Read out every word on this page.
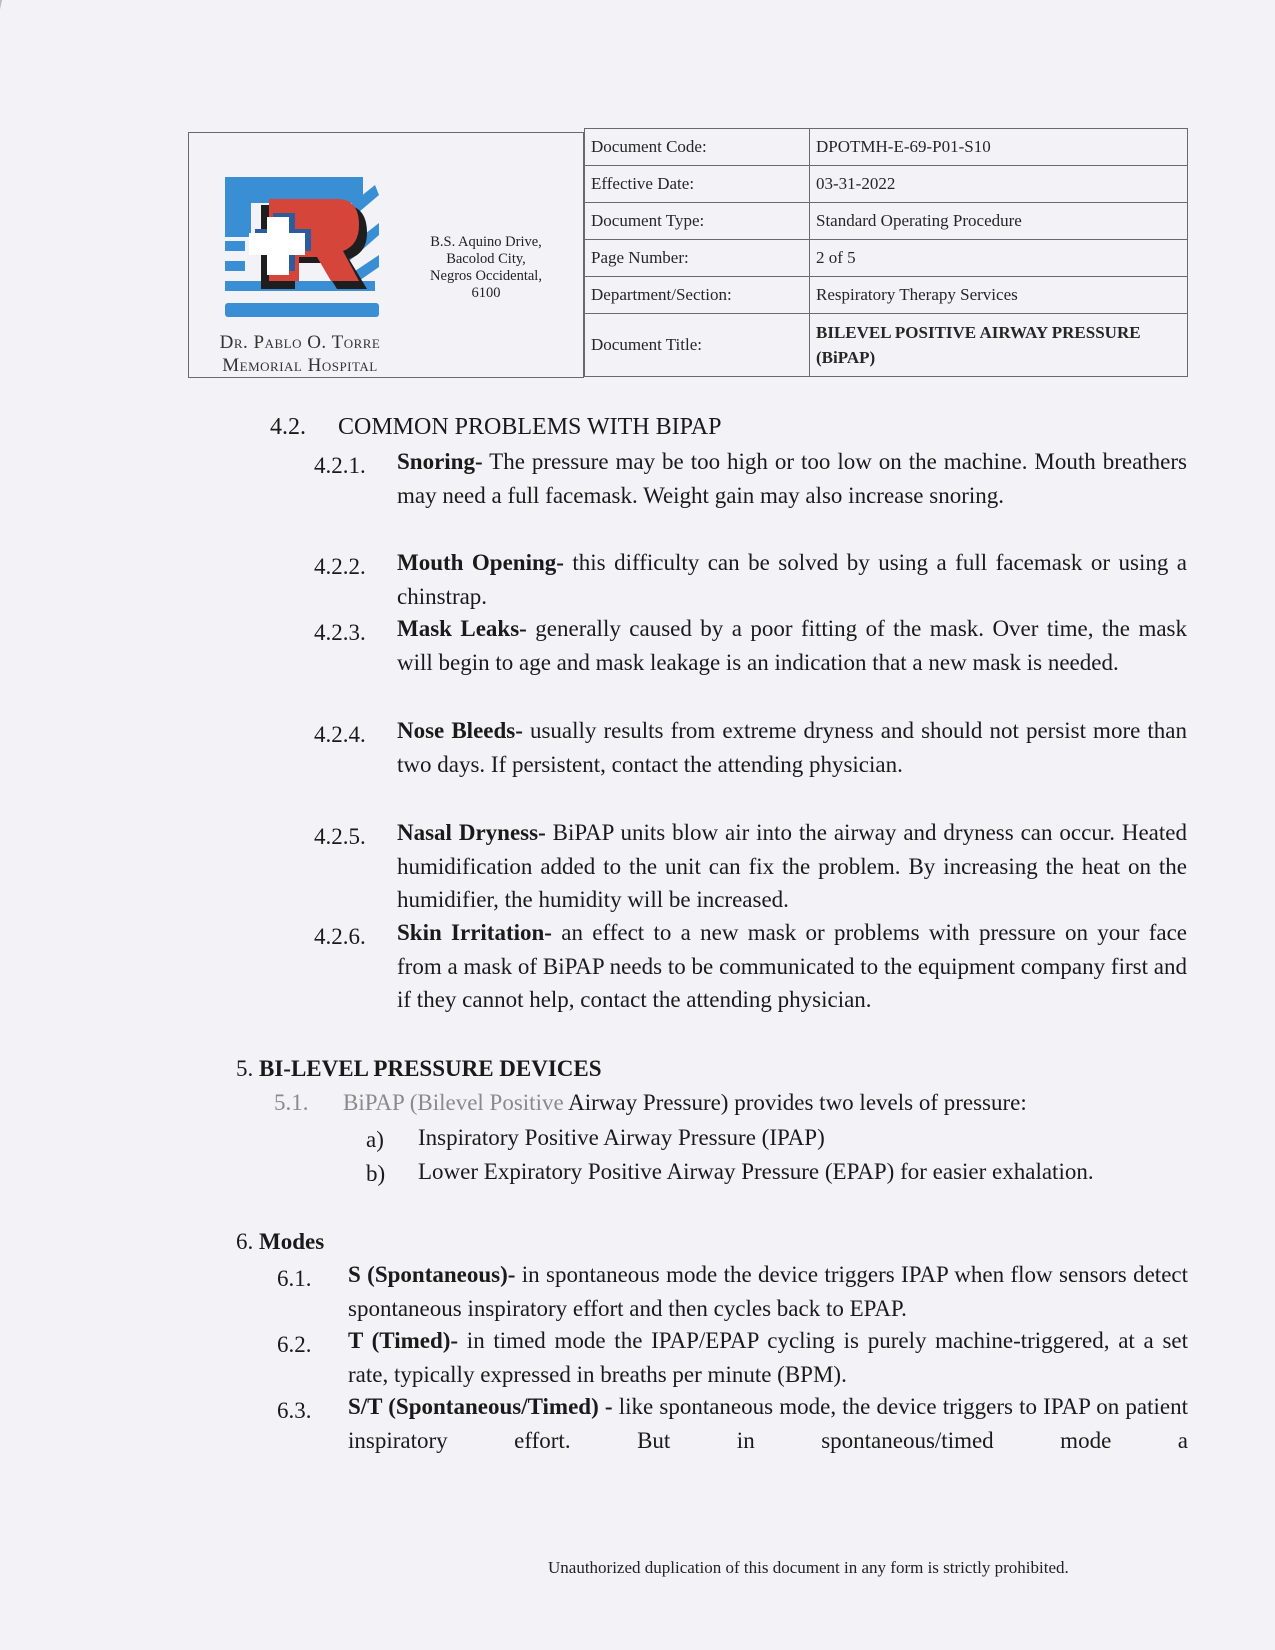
Dr. Pablo O. Torre
Memorial Hospital
B.S. Aquino Drive,
Bacolod City,
Negros Occidental,
6100
Document Code:	DPOTMH-E-69-P01-S10
Effective Date:	03-31-2022
Document Type:	Standard Operating Procedure
Page Number:	2 of 5
Department/Section:	Respiratory Therapy Services
Document Title:	BILEVEL POSITIVE AIRWAY PRESSURE (BiPAP)
4.2. COMMON PROBLEMS WITH BIPAP
4.2.1. Snoring- The pressure may be too high or too low on the machine. Mouth breathers may need a full facemask. Weight gain may also increase snoring.
4.2.2. Mouth Opening- this difficulty can be solved by using a full facemask or using a chinstrap.
4.2.3. Mask Leaks- generally caused by a poor fitting of the mask. Over time, the mask will begin to age and mask leakage is an indication that a new mask is needed.
4.2.4. Nose Bleeds- usually results from extreme dryness and should not persist more than two days. If persistent, contact the attending physician.
4.2.5. Nasal Dryness- BiPAP units blow air into the airway and dryness can occur. Heated humidification added to the unit can fix the problem. By increasing the heat on the humidifier, the humidity will be increased.
4.2.6. Skin Irritation- an effect to a new mask or problems with pressure on your face from a mask of BiPAP needs to be communicated to the equipment company first and if they cannot help, contact the attending physician.
5. BI-LEVEL PRESSURE DEVICES
5.1. BiPAP (Bilevel Positive Airway Pressure) provides two levels of pressure:
a) Inspiratory Positive Airway Pressure (IPAP)
b) Lower Expiratory Positive Airway Pressure (EPAP) for easier exhalation.
6. Modes
6.1. S (Spontaneous)- in spontaneous mode the device triggers IPAP when flow sensors detect spontaneous inspiratory effort and then cycles back to EPAP.
6.2. T (Timed)- in timed mode the IPAP/EPAP cycling is purely machine-triggered, at a set rate, typically expressed in breaths per minute (BPM).
6.3. S/T (Spontaneous/Timed) - like spontaneous mode, the device triggers to IPAP on patient inspiratory effort. But in spontaneous/timed mode a
Unauthorized duplication of this document in any form is strictly prohibited.
